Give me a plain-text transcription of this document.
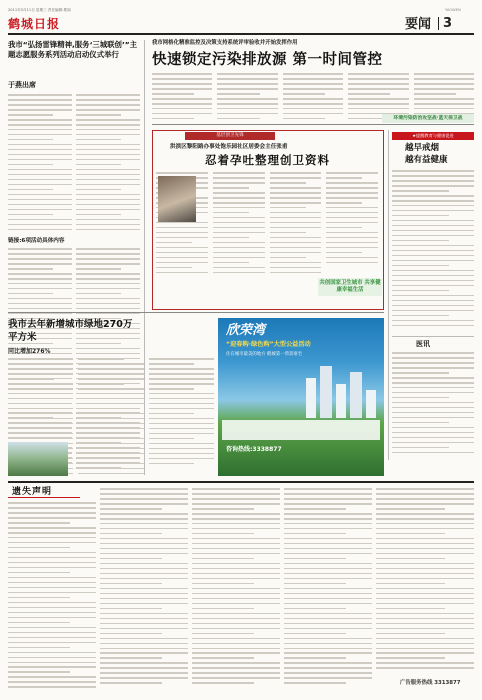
2011年5月11日 星期三 责任编辑:要闻
鹤城日报	要闻 3
YAOWEN
我市“弘扬雷锋精神,服务‘三城联创’”主题志愿服务系列活动启动仪式举行
于燕出席
链接:6项活动具体内容
我市网格化精准监控及决策支持系统评审验收并开始发挥作用
快速锁定污染排放源 第一时间管控
环境污染防治攻坚战·蓝天保卫战
基层创卫先锋
洪滨区黎阳路办事处饱乐园社区居委会主任张甫
忍着孕吐整理创卫资料
共创国家卫生城市 共享健康幸福生活
★提醒教育与健康促进
越早戒烟
越有益健康
医讯
我市去年新增城市绿地270万平方米
同比增加276%
欣荣湾
“迎春购·绿色购”大型公益活动
住在城市最美的地方 鹤城第一湾景豪宅
咨询热线:3338877
遗失声明
广告服务热线 3313877
